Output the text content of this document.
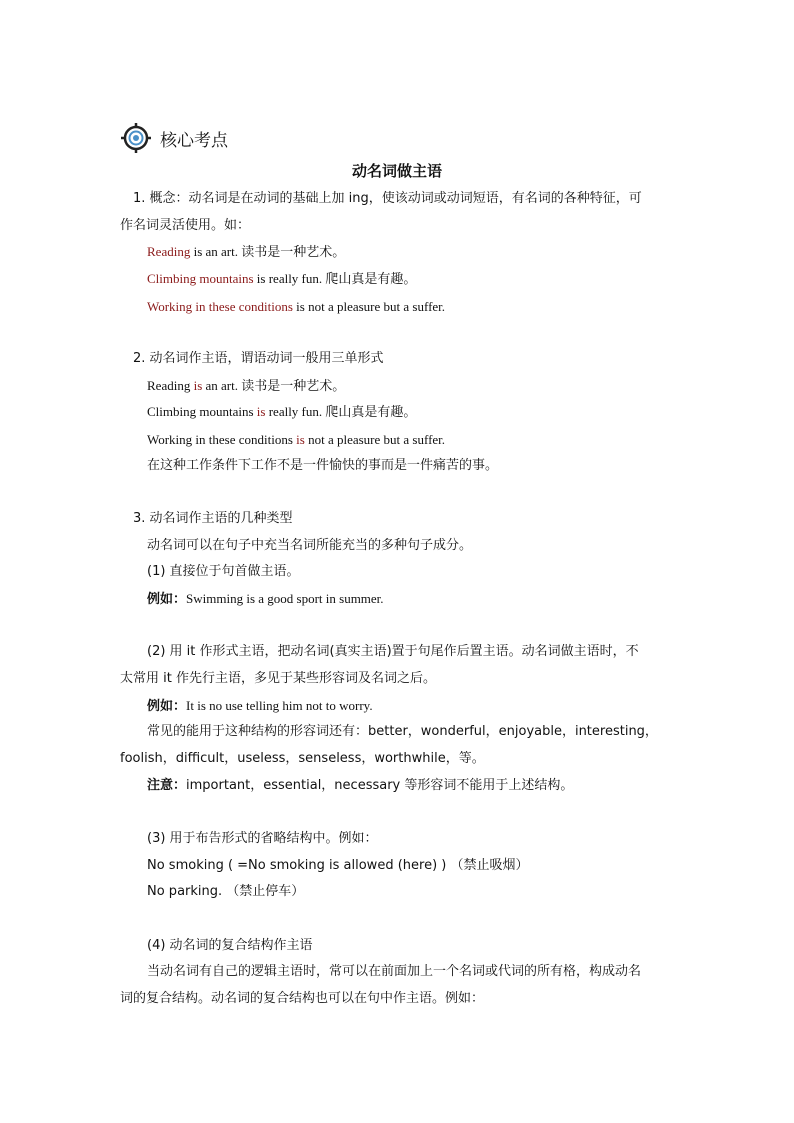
核心考点
动名词做主语
1. 概念：动名词是在动词的基础上加 ing，使该动词或动词短语，有名词的各种特征，可
作名词灵活使用。如：
Reading is an art. 读书是一种艺术。
Climbing mountains is really fun. 爬山真是有趣。
Working in these conditions is not a pleasure but a suffer.
2. 动名词作主语，谓语动词一般用三单形式
Reading is an art. 读书是一种艺术。
Climbing mountains is really fun. 爬山真是有趣。
Working in these conditions is not a pleasure but a suffer.
在这种工作条件下工作不是一件愉快的事而是一件痛苦的事。
3. 动名词作主语的几种类型
动名词可以在句子中充当名词所能充当的多种句子成分。
(1) 直接位于句首做主语。
例如：Swimming is a good sport in summer.
(2) 用 it 作形式主语，把动名词(真实主语)置于句尾作后置主语。动名词做主语时，不
太常用 it 作先行主语，多见于某些形容词及名词之后。
例如：It is no use telling him not to worry.
常见的能用于这种结构的形容词还有：better，wonderful，enjoyable，interesting，
foolish，difficult，useless，senseless，worthwhile，等。
注意：important，essential，necessary 等形容词不能用于上述结构。
(3) 用于布告形式的省略结构中。例如：
No smoking ( =No smoking is allowed (here) ) （禁止吸烟）
No parking. （禁止停车）
(4) 动名词的复合结构作主语
当动名词有自己的逻辑主语时，常可以在前面加上一个名词或代词的所有格，构成动名
词的复合结构。动名词的复合结构也可以在句中作主语。例如：
